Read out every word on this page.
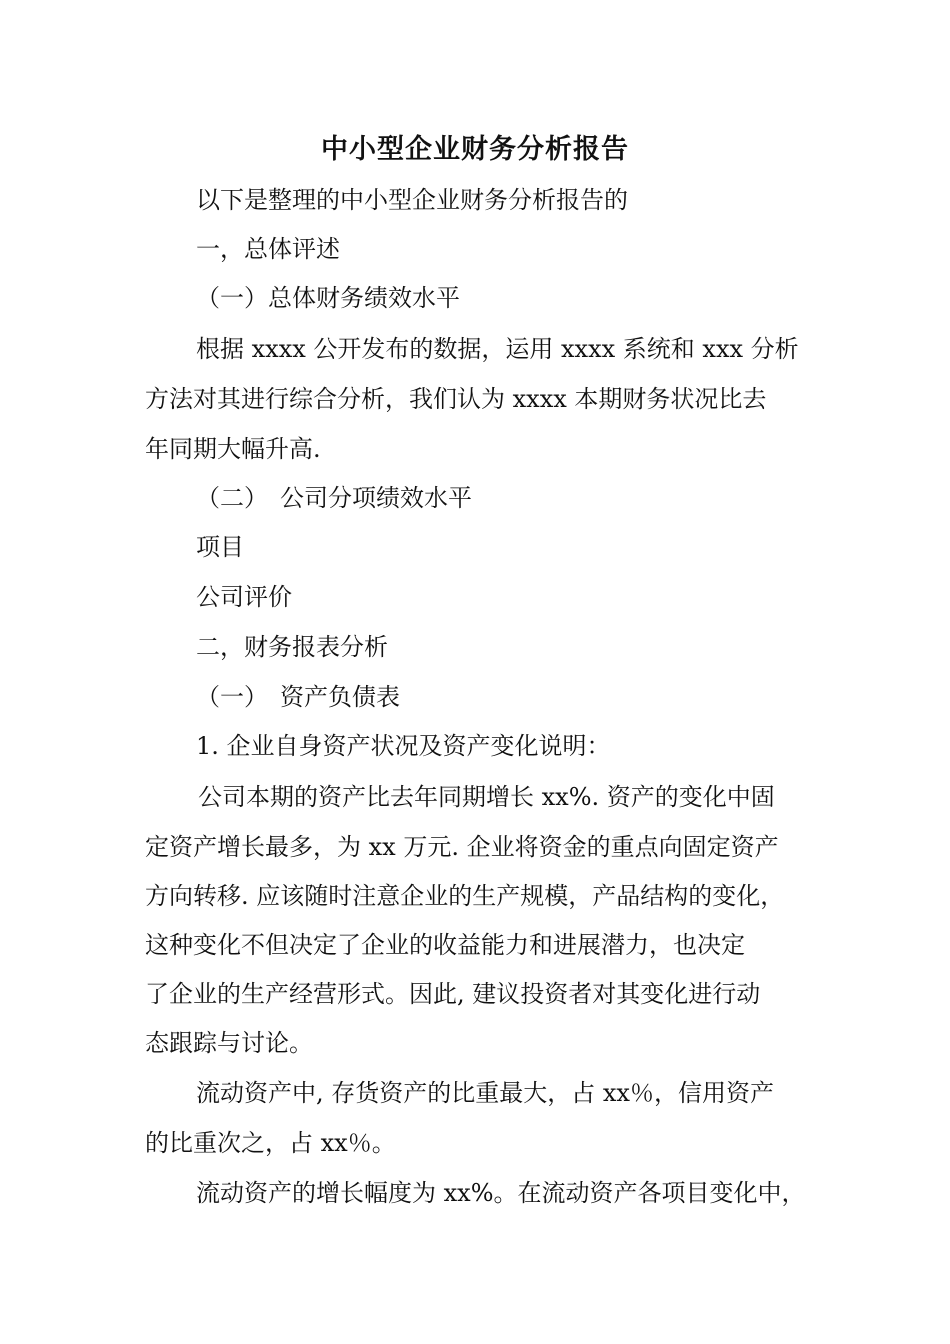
中小型企业财务分析报告
以下是整理的中小型企业财务分析报告的
一，总体评述
（一）总体财务绩效水平
根据 xxxx 公开发布的数据，运用 xxxx 系统和 xxx 分析
方法对其进行综合分析，我们认为 xxxx 本期财务状况比去
年同期大幅升高.
（二）　公司分项绩效水平
项目
公司评价
二，财务报表分析
（一）　资产负债表
1. 企业自身资产状况及资产变化说明：
公司本期的资产比去年同期增长 xx%. 资产的变化中固
定资产增长最多，为 xx 万元. 企业将资金的重点向固定资产
方向转移. 应该随时注意企业的生产规模，产品结构的变化，
这种变化不但决定了企业的收益能力和进展潜力，也决定
了企业的生产经营形式。因此, 建议投资者对其变化进行动
态跟踪与讨论。
流动资产中, 存货资产的比重最大，占 xx％，信用资产
的比重次之，占 xx％。
流动资产的增长幅度为 xx%。在流动资产各项目变化中，
